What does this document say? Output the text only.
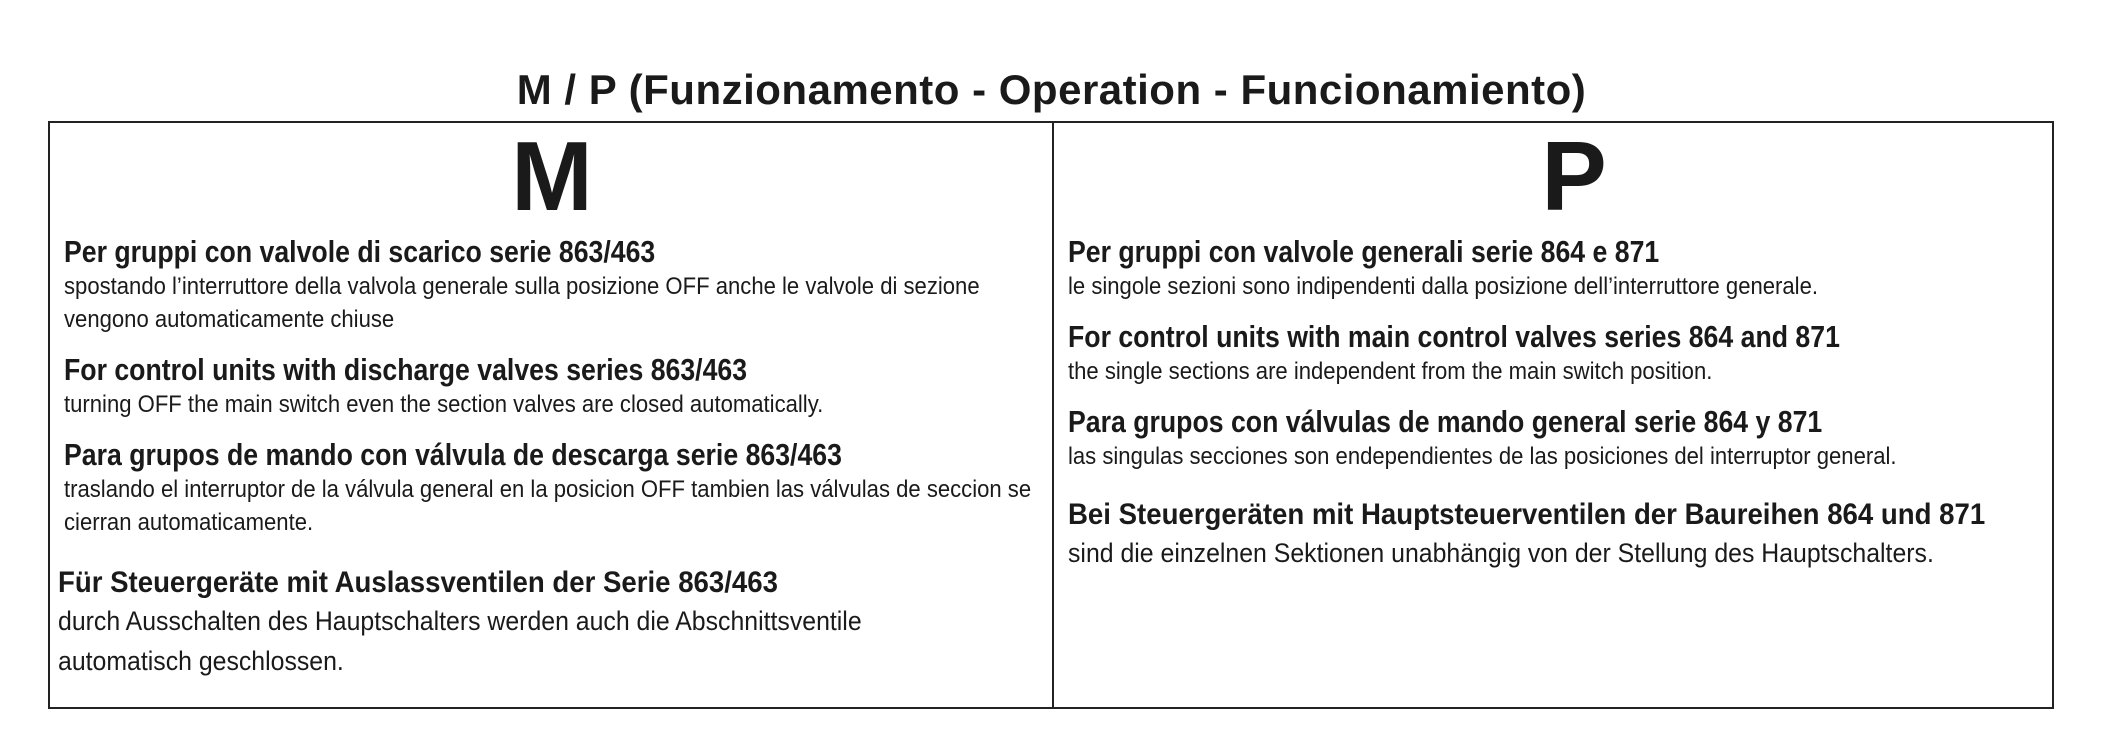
M / P (Funzionamento - Operation - Funcionamiento)
M
Per gruppi con valvole di scarico serie 863/463
spostando l’interruttore della valvola generale sulla posizione OFF anche le valvole di sezione vengono automaticamente chiuse
For control units with discharge valves series 863/463
turning OFF the main switch even the section valves are closed automatically.
Para grupos de mando con válvula de descarga serie 863/463
traslando el interruptor de la válvula general en la posicion OFF tambien las válvulas de seccion se cierran automaticamente.
Für Steuergeräte mit Auslassventilen der Serie 863/463
durch Ausschalten des Hauptschalters werden auch die Abschnittsventile automatisch geschlossen.
P
Per gruppi con valvole generali serie 864 e 871
le singole sezioni sono indipendenti dalla posizione dell’interruttore generale.
For control units with main control valves series 864 and 871
the single sections are independent from the main switch position.
Para grupos con válvulas de mando general serie 864 y 871
las singulas secciones son endependientes de las posiciones del interruptor general.
Bei Steuergeräten mit Hauptsteuerventilen der Baureihen 864 und 871
sind die einzelnen Sektionen unabhängig von der Stellung des Hauptschalters.
